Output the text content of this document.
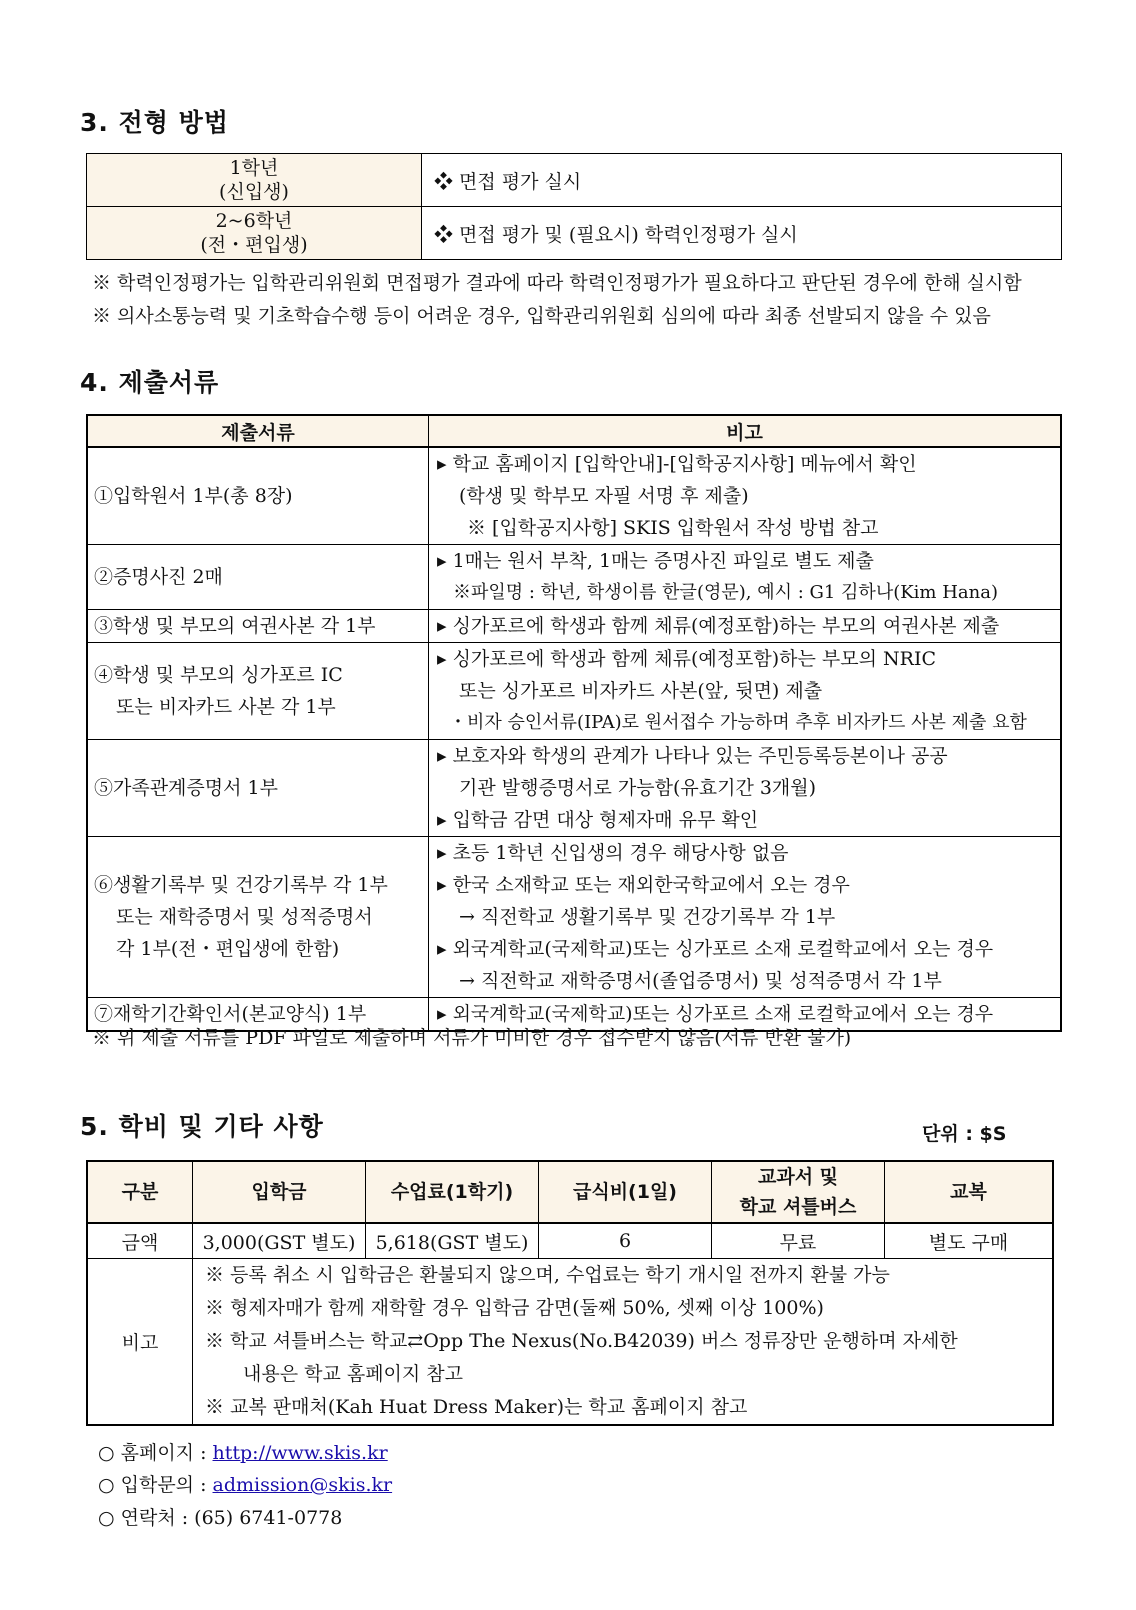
3. 전형 방법
1학년
(신입생)	❖ 면접 평가 실시

2~6학년
(전・편입생)	❖ 면접 평가 및 (필요시) 학력인정평가 실시
※ 학력인정평가는 입학관리위원회 면접평가 결과에 따라 학력인정평가가 필요하다고 판단된 경우에 한해 실시함
※ 의사소통능력 및 기초학습수행 등이 어려운 경우, 입학관리위원회 심의에 따라 최종 선발되지 않을 수 있음
4. 제출서류
제출서류	비고

①입학원서 1부(총 8장)	▸ 학교 홈페이지 [입학안내]-[입학공지사항] 메뉴에서 확인
(학생 및 학부모 자필 서명 후 제출)
※ [입학공지사항] SKIS 입학원서 작성 방법 참고

②증명사진 2매	▸ 1매는 원서 부착, 1매는 증명사진 파일로 별도 제출
※파일명 : 학년, 학생이름 한글(영문), 예시 : G1 김하나(Kim Hana)

③학생 및 부모의 여권사본 각 1부	▸ 싱가포르에 학생과 함께 체류(예정포함)하는 부모의 여권사본 제출

④학생 및 부모의 싱가포르 IC
또는 비자카드 사본 각 1부	▸ 싱가포르에 학생과 함께 체류(예정포함)하는 부모의 NRIC
또는 싱가포르 비자카드 사본(앞, 뒷면) 제출
・비자 승인서류(IPA)로 원서접수 가능하며 추후 비자카드 사본 제출 요함

⑤가족관계증명서 1부	▸ 보호자와 학생의 관계가 나타나 있는 주민등록등본이나 공공
기관 발행증명서로 가능함(유효기간 3개월)
▸ 입학금 감면 대상 형제자매 유무 확인

⑥생활기록부 및 건강기록부 각 1부
또는 재학증명서 및 성적증명서
각 1부(전・편입생에 한함)	▸ 초등 1학년 신입생의 경우 해당사항 없음
▸ 한국 소재학교 또는 재외한국학교에서 오는 경우
→ 직전학교 생활기록부 및 건강기록부 각 1부
▸ 외국계학교(국제학교)또는 싱가포르 소재 로컬학교에서 오는 경우
→ 직전학교 재학증명서(졸업증명서) 및 성적증명서 각 1부

⑦재학기간확인서(본교양식) 1부	▸ 외국계학교(국제학교)또는 싱가포르 소재 로컬학교에서 오는 경우
※ 위 제출 서류를 PDF 파일로 제출하며 서류가 미비한 경우 접수받지 않음(서류 반환 불가)
5. 학비 및 기타 사항	단위 : $S
구분	입학금	수업료(1학기)	급식비(1일)	교과서 및
학교 셔틀버스	교복
금액	3,000(GST 별도)	5,618(GST 별도)	6	무료	별도 구매
비고	※ 등록 취소 시 입학금은 환불되지 않으며, 수업료는 학기 개시일 전까지 환불 가능
※ 형제자매가 함께 재학할 경우 입학금 감면(둘째 50%, 셋째 이상 100%)
※ 학교 셔틀버스는 학교⇄Opp The Nexus(No.B42039) 버스 정류장만 운행하며 자세한
내용은 학교 홈페이지 참고
※ 교복 판매처(Kah Huat Dress Maker)는 학교 홈페이지 참고				
○ 홈페이지 : http://www.skis.kr
○ 입학문의 : admission@skis.kr
○ 연락처 : (65) 6741-0778
